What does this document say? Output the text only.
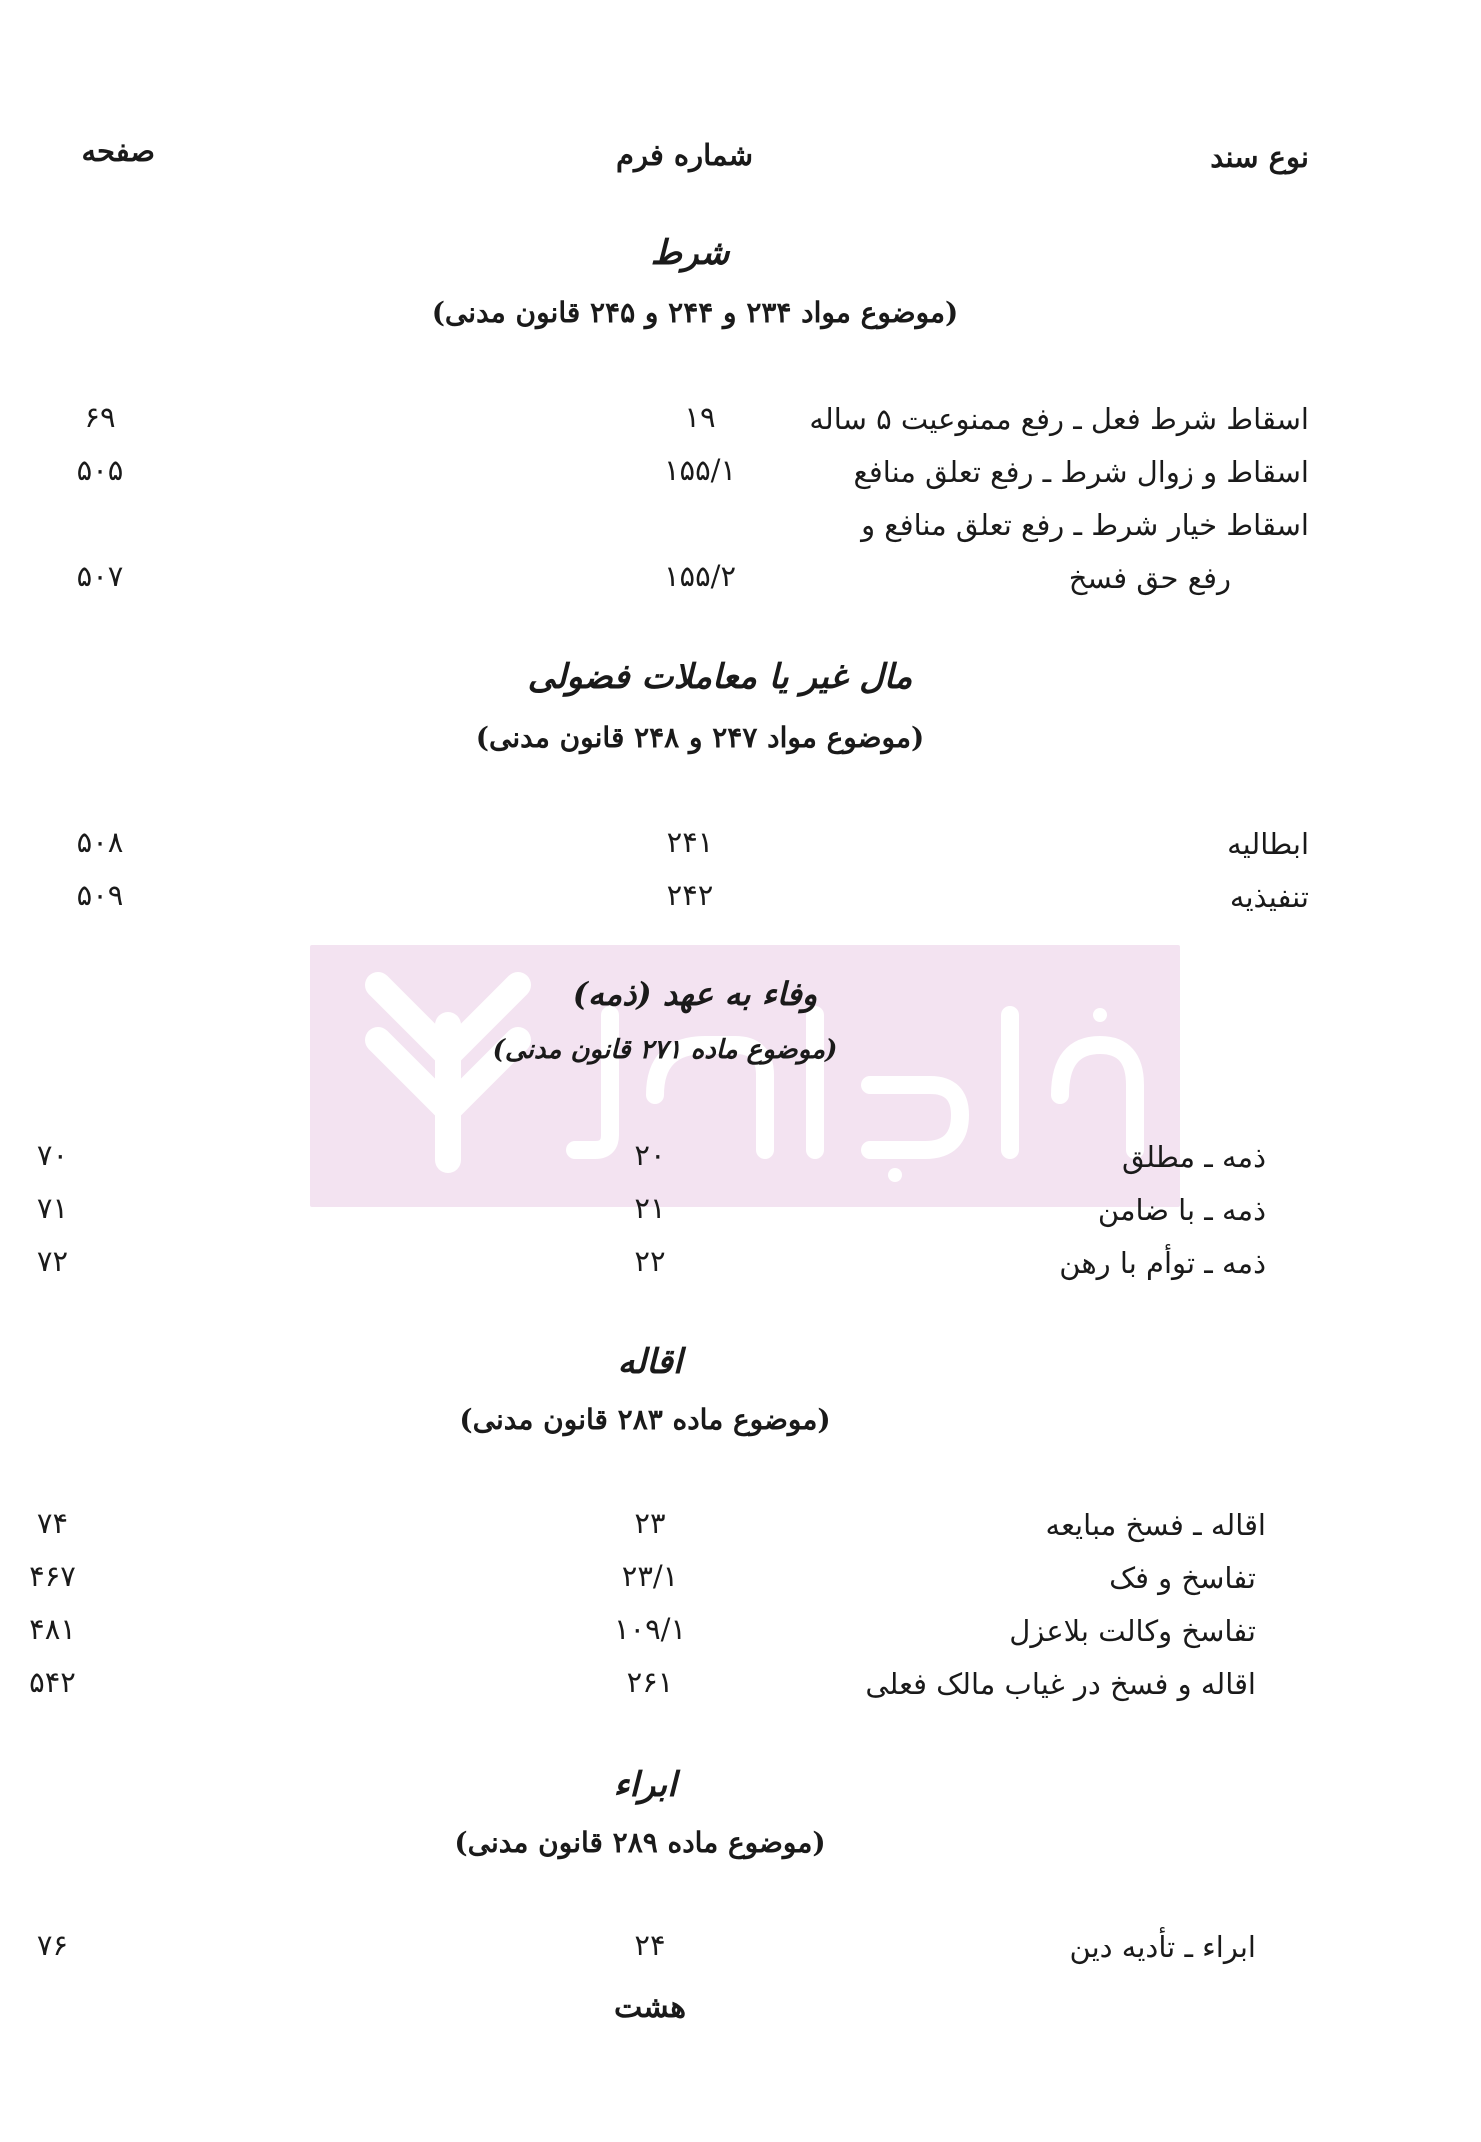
نوع سند
شماره فرم
صفحه
شرط
(موضوع مواد ۲۳۴ و ۲۴۴ و ۲۴۵ قانون مدنی)
اسقاط شرط فعل ـ رفع ممنوعیت ۵ ساله
۱۹
۶۹
اسقاط و زوال شرط ـ رفع تعلق منافع
۱۵۵/۱
۵۰۵
اسقاط خیار شرط ـ رفع تعلق منافع و
رفع حق فسخ
۱۵۵/۲
۵۰۷
مال غیر یا معاملات فضولی
(موضوع مواد ۲۴۷ و ۲۴۸ قانون مدنی)
ابطالیه
۲۴۱
۵۰۸
تنفیذیه
۲۴۲
۵۰۹
وفاء به عهد (ذمه)
(موضوع ماده ۲۷۱ قانون مدنی)
ذمه ـ مطلق
۲۰
۷۰
ذمه ـ با ضامن
۲۱
۷۱
ذمه ـ توأم با رهن
۲۲
۷۲
اقاله
(موضوع ماده ۲۸۳ قانون مدنی)
اقاله ـ فسخ مبایعه
۲۳
۷۴
تفاسخ و فک
۲۳/۱
۴۶۷
تفاسخ وکالت بلاعزل
۱۰۹/۱
۴۸۱
اقاله و فسخ در غیاب مالک فعلی
۲۶۱
۵۴۲
ابراء
(موضوع ماده ۲۸۹ قانون مدنی)
ابراء ـ تأدیه دین
۲۴
۷۶
هشت
